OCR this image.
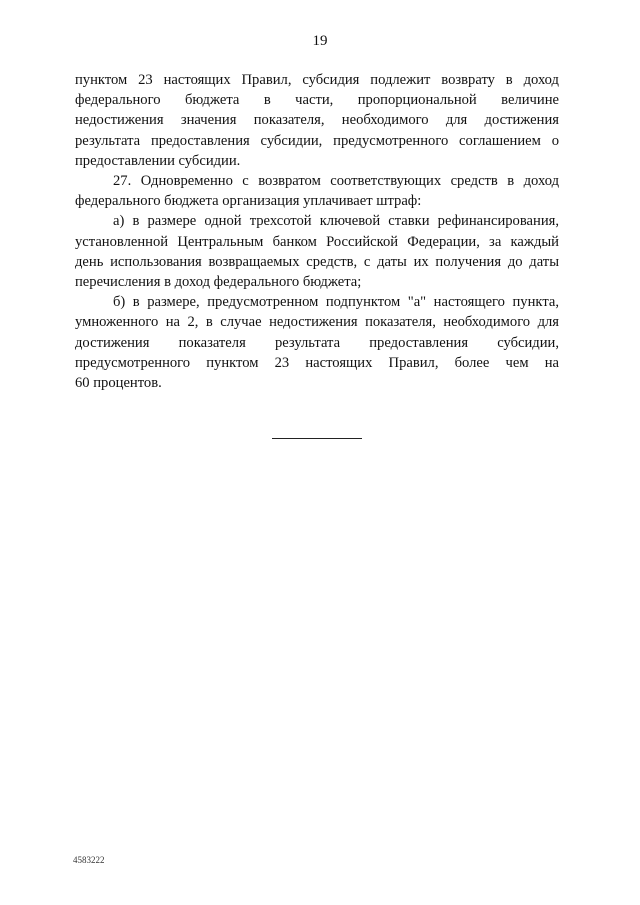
19

пунктом 23 настоящих Правил, субсидия подлежит возврату в доход
федерального бюджета в части, пропорциональной величине
недостижения значения показателя, необходимого для достижения
результата предоставления субсидии, предусмотренного соглашением о
предоставлении субсидии.

27. Одновременно с возвратом соответствующих средств в доход
федерального бюджета организация уплачивает штраф:

а) в размере одной трехсотой ключевой ставки рефинансирования,
установленной Центральным банком Российской Федерации, за каждый
день использования возвращаемых средств, с даты их получения до даты
перечисления в доход федерального бюджета;

б) в размере, предусмотренном подпунктом "а" настоящего пункта,
умноженного на 2, в случае недостижения показателя, необходимого для
достижения показателя результата предоставления субсидии,
предусмотренного пунктом 23 настоящих Правил, более чем на
60 процентов.

4583222
